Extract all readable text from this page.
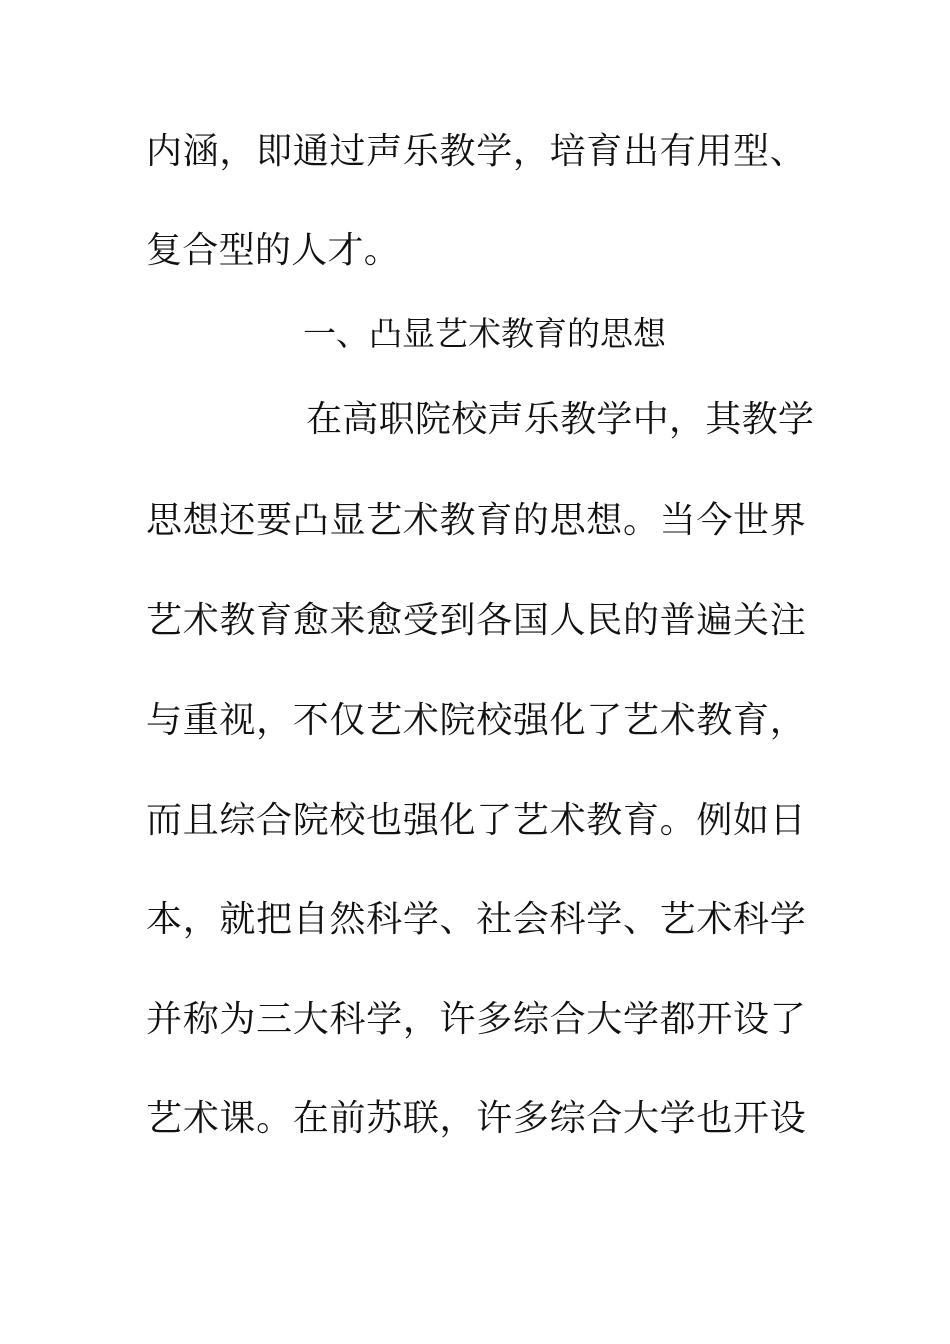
内涵，即通过声乐教学，培育出有用型、
复合型的人才。
一、凸显艺术教育的思想
在高职院校声乐教学中，其教学
思想还要凸显艺术教育的思想。当今世界
艺术教育愈来愈受到各国人民的普遍关注
与重视，不仅艺术院校强化了艺术教育，
而且综合院校也强化了艺术教育。例如日
本，就把自然科学、社会科学、艺术科学
并称为三大科学，许多综合大学都开设了
艺术课。在前苏联，许多综合大学也开设
